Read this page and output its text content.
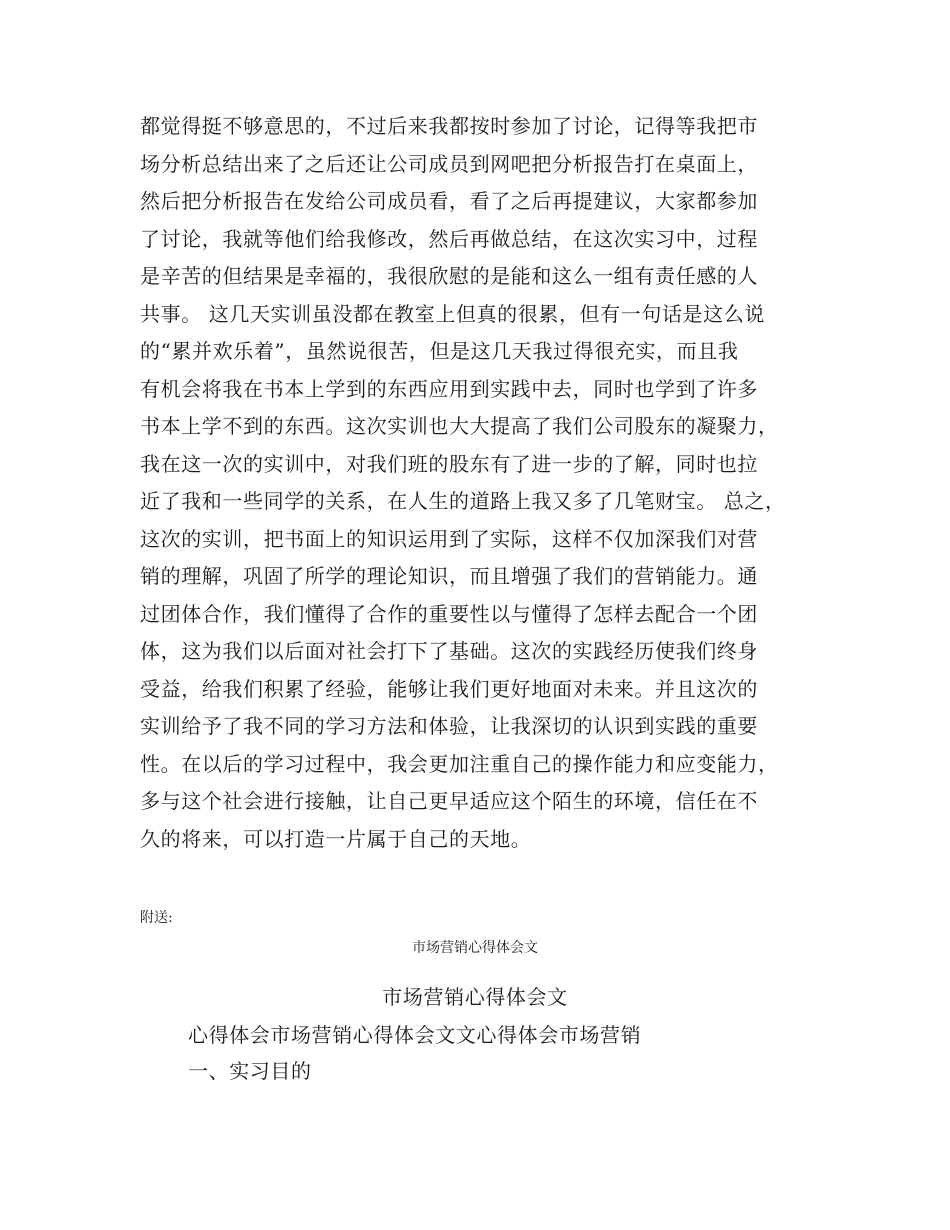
都觉得挺不够意思的，不过后来我都按时参加了讨论，记得等我把市
场分析总结出来了之后还让公司成员到网吧把分析报告打在桌面上，
然后把分析报告在发给公司成员看，看了之后再提建议，大家都参加
了讨论，我就等他们给我修改，然后再做总结，在这次实习中，过程
是辛苦的但结果是幸福的，我很欣慰的是能和这么一组有责任感的人
共事。 这几天实训虽没都在教室上但真的很累，但有一句话是这么说
的“累并欢乐着”，虽然说很苦，但是这几天我过得很充实，而且我
有机会将我在书本上学到的东西应用到实践中去，同时也学到了许多
书本上学不到的东西。这次实训也大大提高了我们公司股东的凝聚力，
我在这一次的实训中，对我们班的股东有了进一步的了解，同时也拉
近了我和一些同学的关系，在人生的道路上我又多了几笔财宝。 总之，
这次的实训，把书面上的知识运用到了实际，这样不仅加深我们对营
销的理解，巩固了所学的理论知识，而且增强了我们的营销能力。通
过团体合作，我们懂得了合作的重要性以与懂得了怎样去配合一个团
体，这为我们以后面对社会打下了基础。这次的实践经历使我们终身
受益，给我们积累了经验，能够让我们更好地面对未来。并且这次的
实训给予了我不同的学习方法和体验，让我深切的认识到实践的重要
性。在以后的学习过程中，我会更加注重自己的操作能力和应变能力，
多与这个社会进行接触，让自己更早适应这个陌生的环境，信任在不
久的将来，可以打造一片属于自己的天地。
附送:
市场营销心得体会文
市场营销心得体会文
心得体会市场营销心得体会文文心得体会市场营销
一、实习目的
